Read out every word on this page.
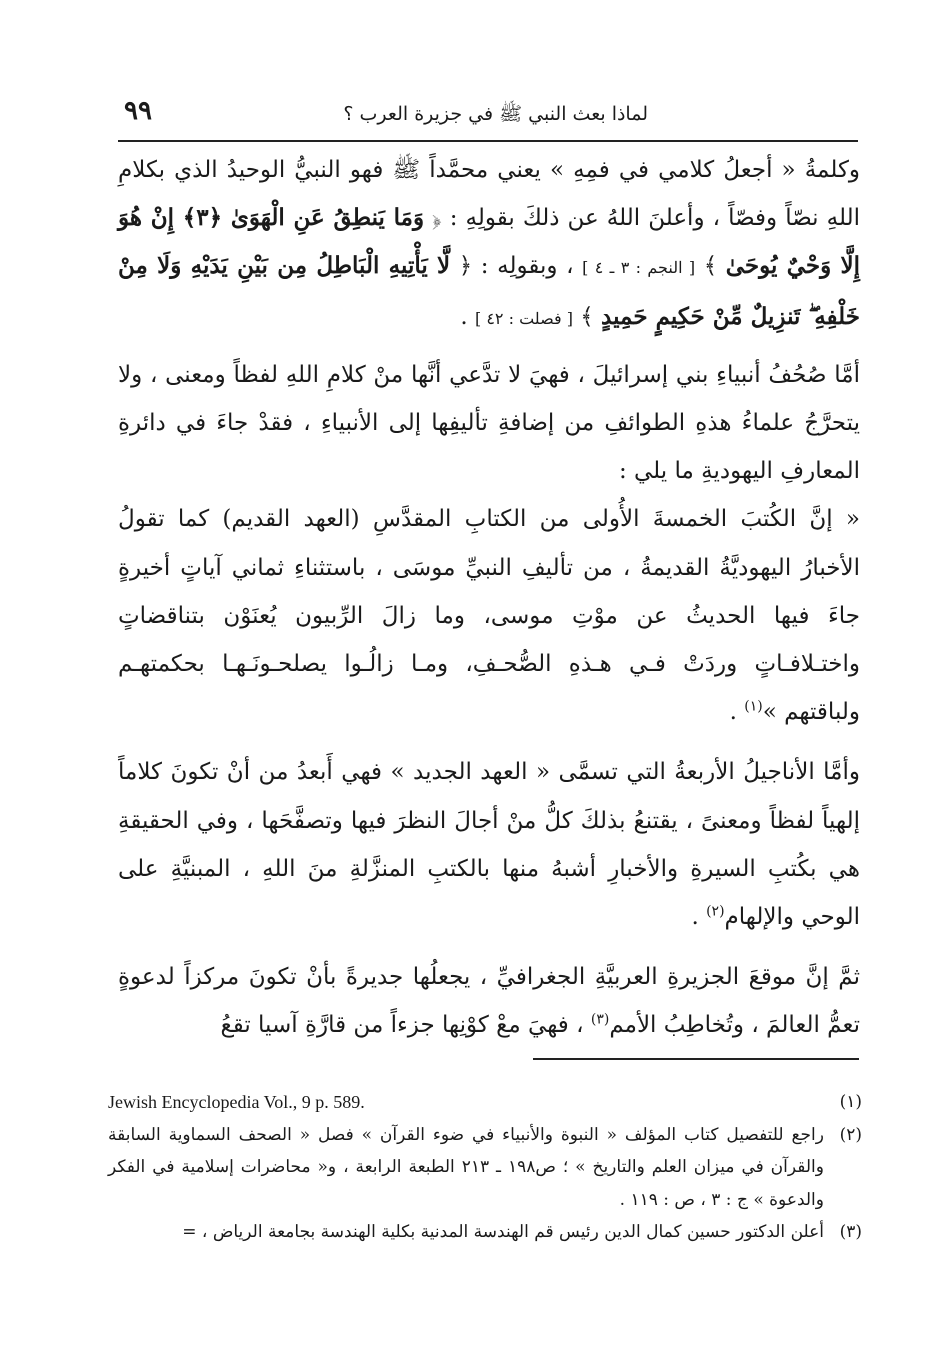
لماذا بعث النبي ﷺ في جزيرة العرب ؟
٩٩

وكلمةُ « أجعلُ كلامي في فمِهِ » يعني محمَّداً ﷺ فهو النبيُّ الوحيدُ الذي بكلامِ اللهِ نصّاً وفصّاً ، وأعلنَ اللهُ عن ذلكَ بقولِهِ : ﴿ وَمَا يَنطِقُ عَنِ الْهَوَىٰ ﴿٣﴾ إِنْ هُوَ إِلَّا وَحْيٌ يُوحَىٰ ﴾ [ النجم : ٣ ـ ٤ ] ، وبقولِه : ﴿ لَّا يَأْتِيهِ الْبَاطِلُ مِن بَيْنِ يَدَيْهِ وَلَا مِنْ خَلْفِهِ ۖ تَنزِيلٌ مِّنْ حَكِيمٍ حَمِيدٍ ﴾ [ فصلت : ٤٢ ] .

أمَّا صُحُفُ أنبياءِ بني إسرائيلَ ، فهيَ لا تدَّعي أنَّها منْ كلامِ اللهِ لفظاً ومعنى ، ولا يتحرَّجُ علماءُ هذهِ الطوائفِ من إضافةِ تأليفِها إلى الأنبياءِ ، فقدْ جاءَ في دائرةِ المعارفِ اليهوديةِ ما يلي :

« إنَّ الكُتبَ الخمسةَ الأُولى من الكتابِ المقدَّسِ (العهد القديم) كما تقولُ الأخبارُ اليهوديَّةُ القديمةُ ، من تأليفِ النبيِّ موسَى ، باستثناءِ ثماني آياتٍ أخيرةٍ جاءَ فيها الحديثُ عن موْتِ موسى، وما زالَ الرِّبيون يُعنَوْن بتناقضاتٍ واختـلافـاتٍ وردَتْ فـي هـذهِ الصُّحـفِ، ومـا زالُـوا يصلحـونَـهـا بحكمتهـم ولباقتهم »$^{(١)}$ .

وأمَّا الأناجيلُ الأربعةُ التي تسمَّى « العهد الجديد » فهي أَبعدُ من أنْ تكونَ كلاماً إلهياً لفظاً ومعنىً ، يقتنعُ بذلكَ كلُّ منْ أجالَ النظرَ فيها وتصفَّحَها ، وفي الحقيقةِ هي بكُتبِ السيرةِ والأخبارِ أشبهُ منها بالكتبِ المنزَّلةِ منَ اللهِ ، المبنيَّةِ على الوحي والإلهام$^{(٢)}$ .

ثمَّ إنَّ موقعَ الجزيرةِ العربيَّةِ الجغرافيِّ ، يجعلُها جديرةً بأنْ تكونَ مركزاً لدعوةٍ تعمُّ العالمَ ، وتُخاطِبُ الأمم$^{(٣)}$ ، فهيَ معْ كوْنِها جزءاً من قارَّةِ آسيا تقعُ

(١)
Jewish Encyclopedia Vol., 9 p. 589.
(٢)
راجع للتفصيل كتاب المؤلف « النبوة والأنبياء في ضوء القرآن » فصل « الصحف السماوية السابقة والقرآن في ميزان العلم والتاريخ » ؛ ص١٩٨ ـ ٢١٣ الطبعة الرابعة ، و« محاضرات إسلامية في الفكر والدعوة » ج : ٣ ، ص : ١١٩ .
(٣)
أعلن الدكتور حسين كمال الدين رئيس قم الهندسة المدنية بكلية الهندسة بجامعة الرياض ، =
